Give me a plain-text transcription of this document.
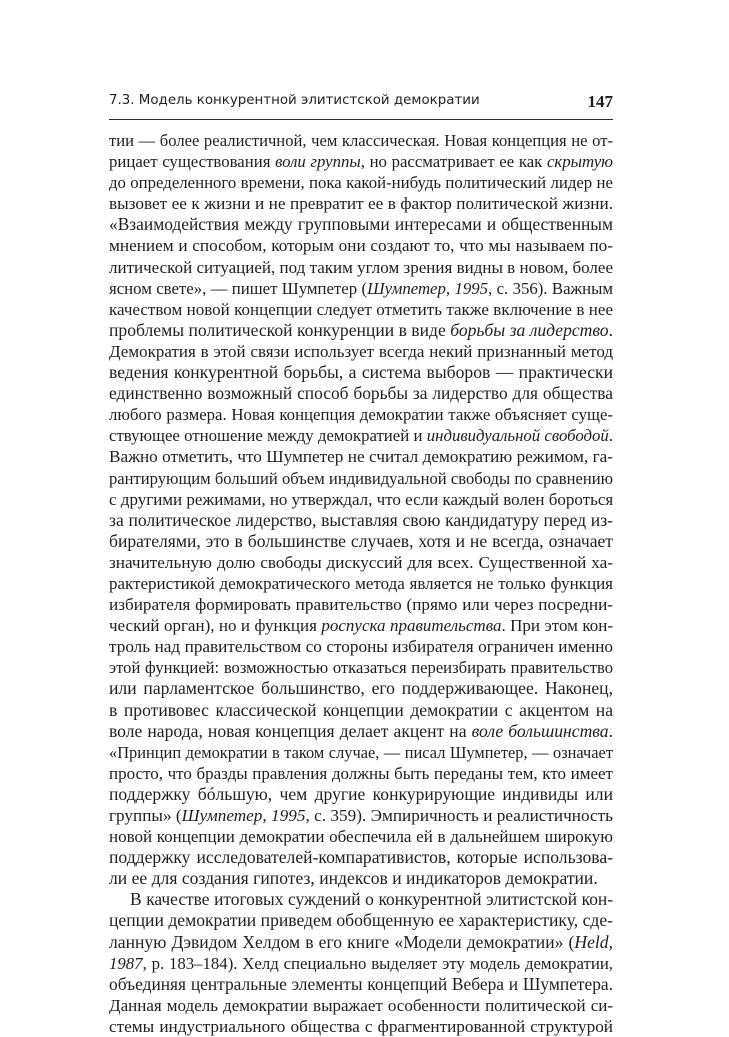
7.3. Модель конкурентной элитистской демократии	147
тии — более реалистичной, чем классическая. Новая концепция не от-
рицает существования воли группы, но рассматривает ее как скрытую
до определенного времени, пока какой-нибудь политический лидер не
вызовет ее к жизни и не превратит ее в фактор политической жизни.
«Взаимодействия между групповыми интересами и общественным
мнением и способом, которым они создают то, что мы называем по-
литической ситуацией, под таким углом зрения видны в новом, более
ясном свете», — пишет Шумпетер (Шумпетер, 1995, с. 356). Важным
качеством новой концепции следует отметить также включение в нее
проблемы политической конкуренции в виде борьбы за лидерство.
Демократия в этой связи использует всегда некий признанный метод
ведения конкурентной борьбы, а система выборов — практически
единственно возможный способ борьбы за лидерство для общества
любого размера. Новая концепция демократии также объясняет суще-
ствующее отношение между демократией и индивидуальной свободой.
Важно отметить, что Шумпетер не считал демократию режимом, га-
рантирующим больший объем индивидуальной свободы по сравнению
с другими режимами, но утверждал, что если каждый волен бороться
за политическое лидерство, выставляя свою кандидатуру перед из-
бирателями, это в большинстве случаев, хотя и не всегда, означает
значительную долю свободы дискуссий для всех. Существенной ха-
рактеристикой демократического метода является не только функция
избирателя формировать правительство (прямо или через посредни-
ческий орган), но и функция роспуска правительства. При этом кон-
троль над правительством со стороны избирателя ограничен именно
этой функцией: возможностью отказаться переизбирать правительство
или парламентское большинство, его поддерживающее. Наконец,
в противовес классической концепции демократии с акцентом на
воле народа, новая концепция делает акцент на воле большинства.
«Принцип демократии в таком случае, — писал Шумпетер, — означает
просто, что бразды правления должны быть переданы тем, кто имеет
поддержку бóльшую, чем другие конкурирующие индивиды или
группы» (Шумпетер, 1995, с. 359). Эмпиричность и реалистичность
новой концепции демократии обеспечила ей в дальнейшем широкую
поддержку исследователей-компаративистов, которые использова-
ли ее для создания гипотез, индексов и индикаторов демократии.
В качестве итоговых суждений о конкурентной элитистской кон-
цепции демократии приведем обобщенную ее характеристику, сде-
ланную Дэвидом Хелдом в его книге «Модели демократии» (Held,
1987, p. 183–184). Хелд специально выделяет эту модель демократии,
объединяя центральные элементы концепций Вебера и Шумпетера.
Данная модель демократии выражает особенности политической си-
стемы индустриального общества с фрагментированной структурой
